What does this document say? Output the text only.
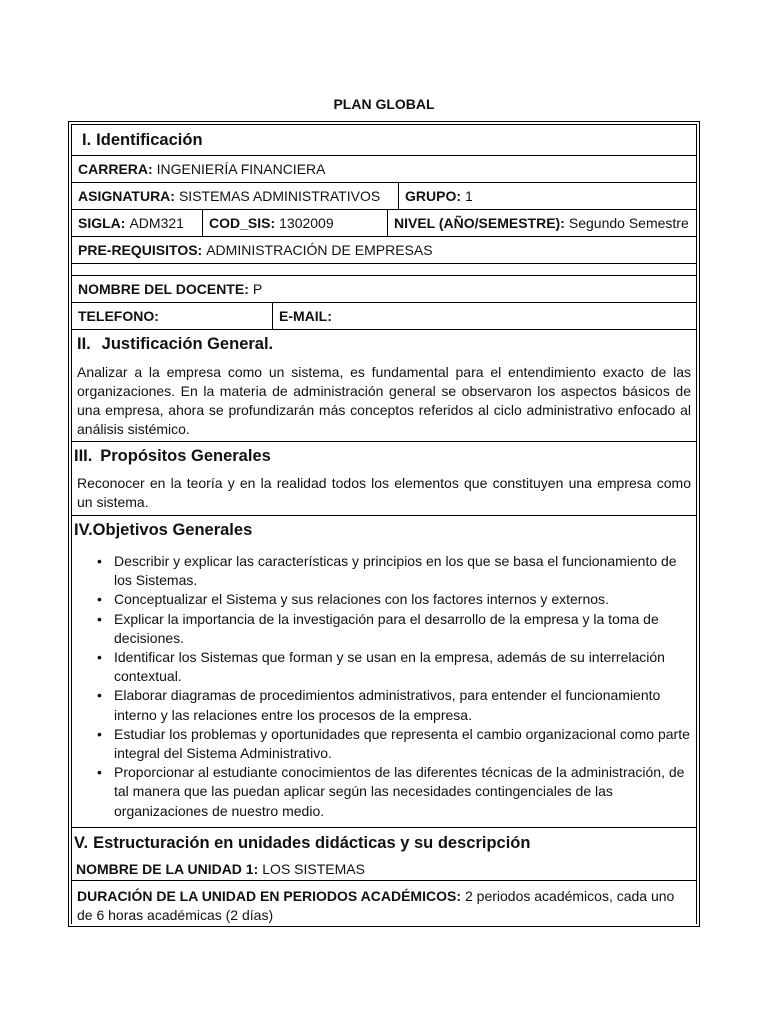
PLAN GLOBAL
I. Identificación
CARRERA: INGENIERÍA FINANCIERA
ASIGNATURA: SISTEMAS ADMINISTRATIVOS GRUPO: 1
SIGLA: ADM321 COD_SIS: 1302009	NIVEL (AÑO/SEMESTRE): Segundo Semestre
PRE-REQUISITOS: ADMINISTRACIÓN DE EMPRESAS
NOMBRE DEL DOCENTE: P
TELEFONO:	E-MAIL:
II. Justificación General.
Analizar a la empresa como un sistema, es fundamental para el entendimiento exacto de las organizaciones. En la materia de administración general se observaron los aspectos básicos de una empresa, ahora se profundizarán más conceptos referidos al ciclo administrativo enfocado al análisis sistémico.
III. Propósitos Generales
Reconocer en la teoría y en la realidad todos los elementos que constituyen una empresa como un sistema.
IV.Objetivos Generales
• Describir y explicar las características y principios en los que se basa el funcionamiento de los Sistemas.
• Conceptualizar el Sistema y sus relaciones con los factores internos y externos.
• Explicar la importancia de la investigación para el desarrollo de la empresa y la toma de decisiones.
• Identificar los Sistemas que forman y se usan en la empresa, además de su interrelación contextual.
• Elaborar diagramas de procedimientos administrativos, para entender el funcionamiento interno y las relaciones entre los procesos de la empresa.
• Estudiar los problemas y oportunidades que representa el cambio organizacional como parte integral del Sistema Administrativo.
• Proporcionar al estudiante conocimientos de las diferentes técnicas de la administración, de tal manera que las puedan aplicar según las necesidades contingenciales de las organizaciones de nuestro medio.
V. Estructuración en unidades didácticas y su descripción
NOMBRE DE LA UNIDAD 1: LOS SISTEMAS
DURACIÓN DE LA UNIDAD EN PERIODOS ACADÉMICOS: 2 periodos académicos, cada uno de 6 horas académicas (2 días)
